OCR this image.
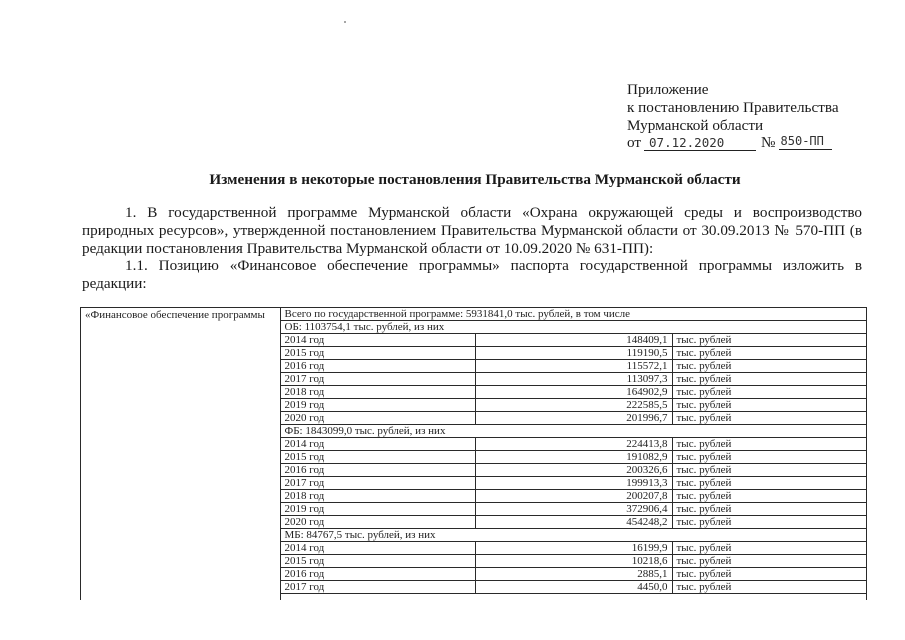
Приложение
к постановлению Правительства
Мурманской области
от 07.12.2020 № 850-ПП
Изменения в некоторые постановления Правительства Мурманской области
1. В государственной программе Мурманской области «Охрана окружающей среды и воспроизводство
природных ресурсов», утвержденной постановлением Правительства Мурманской области от 30.09.2013 № 570-ПП (в
редакции постановления Правительства Мурманской области от 10.09.2020 № 631-ПП):
1.1. Позицию «Финансовое обеспечение программы» паспорта государственной программы изложить в
редакции:
«Финансовое обеспечение программы	Всего по государственной программе: 5931841,0 тыс. рублей, в том числе		
	ОБ: 1103754,1 тыс. рублей, из них		
	2014 год	148409,1	тыс. рублей
	2015 год	119190,5	тыс. рублей
	2016 год	115572,1	тыс. рублей
	2017 год	113097,3	тыс. рублей
	2018 год	164902,9	тыс. рублей
	2019 год	222585,5	тыс. рублей
	2020 год	201996,7	тыс. рублей
	ФБ: 1843099,0 тыс. рублей, из них		
	2014 год	224413,8	тыс. рублей
	2015 год	191082,9	тыс. рублей
	2016 год	200326,6	тыс. рублей
	2017 год	199913,3	тыс. рублей
	2018 год	200207,8	тыс. рублей
	2019 год	372906,4	тыс. рублей
	2020 год	454248,2	тыс. рублей
	МБ: 84767,5 тыс. рублей, из них		
	2014 год	16199,9	тыс. рублей
	2015 год	10218,6	тыс. рублей
	2016 год	2885,1	тыс. рублей
	2017 год	4450,0	тыс. рублей
